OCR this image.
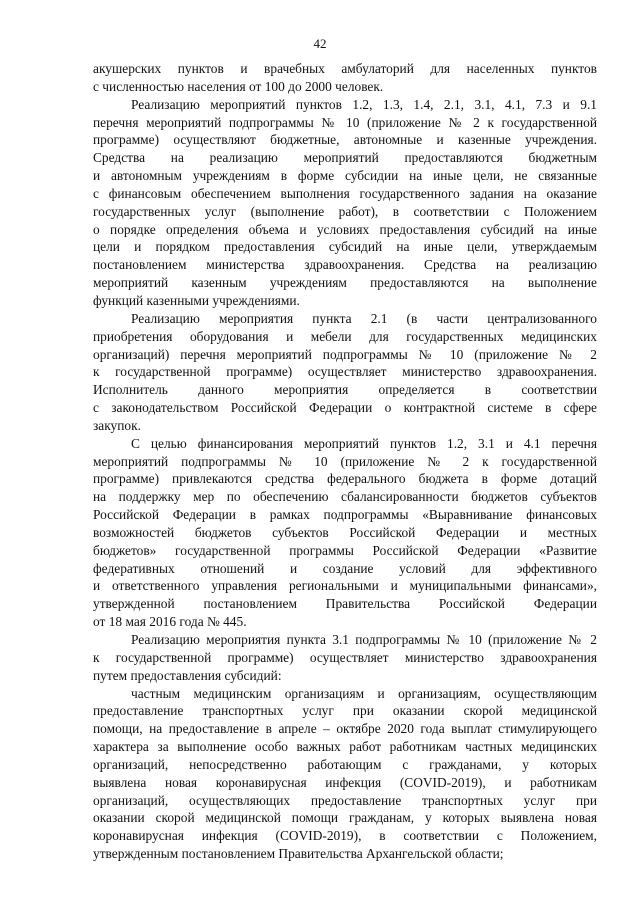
42
акушерских пунктов и врачебных амбулаторий для населенных пунктов
с численностью населения от 100 до 2000 человек.
Реализацию мероприятий пунктов 1.2, 1.3, 1.4, 2.1, 3.1, 4.1, 7.3 и 9.1
перечня мероприятий подпрограммы № 10 (приложение № 2 к государственной
программе) осуществляют бюджетные, автономные и казенные учреждения.
Средства на реализацию мероприятий предоставляются бюджетным
и автономным учреждениям в форме субсидии на иные цели, не связанные
с финансовым обеспечением выполнения государственного задания на оказание
государственных услуг (выполнение работ), в соответствии с Положением
о порядке определения объема и условиях предоставления субсидий на иные
цели и порядком предоставления субсидий на иные цели, утверждаемым
постановлением министерства здравоохранения. Средства на реализацию
мероприятий казенным учреждениям предоставляются на выполнение
функций казенными учреждениями.
Реализацию мероприятия пункта 2.1 (в части централизованного
приобретения оборудования и мебели для государственных медицинских
организаций) перечня мероприятий подпрограммы № 10 (приложение № 2
к государственной программе) осуществляет министерство здравоохранения.
Исполнитель данного мероприятия определяется в соответствии
с законодательством Российской Федерации о контрактной системе в сфере
закупок.
С целью финансирования мероприятий пунктов 1.2, 3.1 и 4.1 перечня
мероприятий подпрограммы № 10 (приложение № 2 к государственной
программе) привлекаются средства федерального бюджета в форме дотаций
на поддержку мер по обеспечению сбалансированности бюджетов субъектов
Российской Федерации в рамках подпрограммы «Выравнивание финансовых
возможностей бюджетов субъектов Российской Федерации и местных
бюджетов» государственной программы Российской Федерации «Развитие
федеративных отношений и создание условий для эффективного
и ответственного управления региональными и муниципальными финансами»,
утвержденной постановлением Правительства Российской Федерации
от 18 мая 2016 года № 445.
Реализацию мероприятия пункта 3.1 подпрограммы № 10 (приложение № 2
к государственной программе) осуществляет министерство здравоохранения
путем предоставления субсидий:
частным медицинским организациям и организациям, осуществляющим
предоставление транспортных услуг при оказании скорой медицинской
помощи, на предоставление в апреле – октябре 2020 года выплат стимулирующего
характера за выполнение особо важных работ работникам частных медицинских
организаций, непосредственно работающим с гражданами, у которых
выявлена новая коронавирусная инфекция (COVID-2019), и работникам
организаций, осуществляющих предоставление транспортных услуг при
оказании скорой медицинской помощи гражданам, у которых выявлена новая
коронавирусная инфекция (COVID-2019), в соответствии с Положением,
утвержденным постановлением Правительства Архангельской области;
